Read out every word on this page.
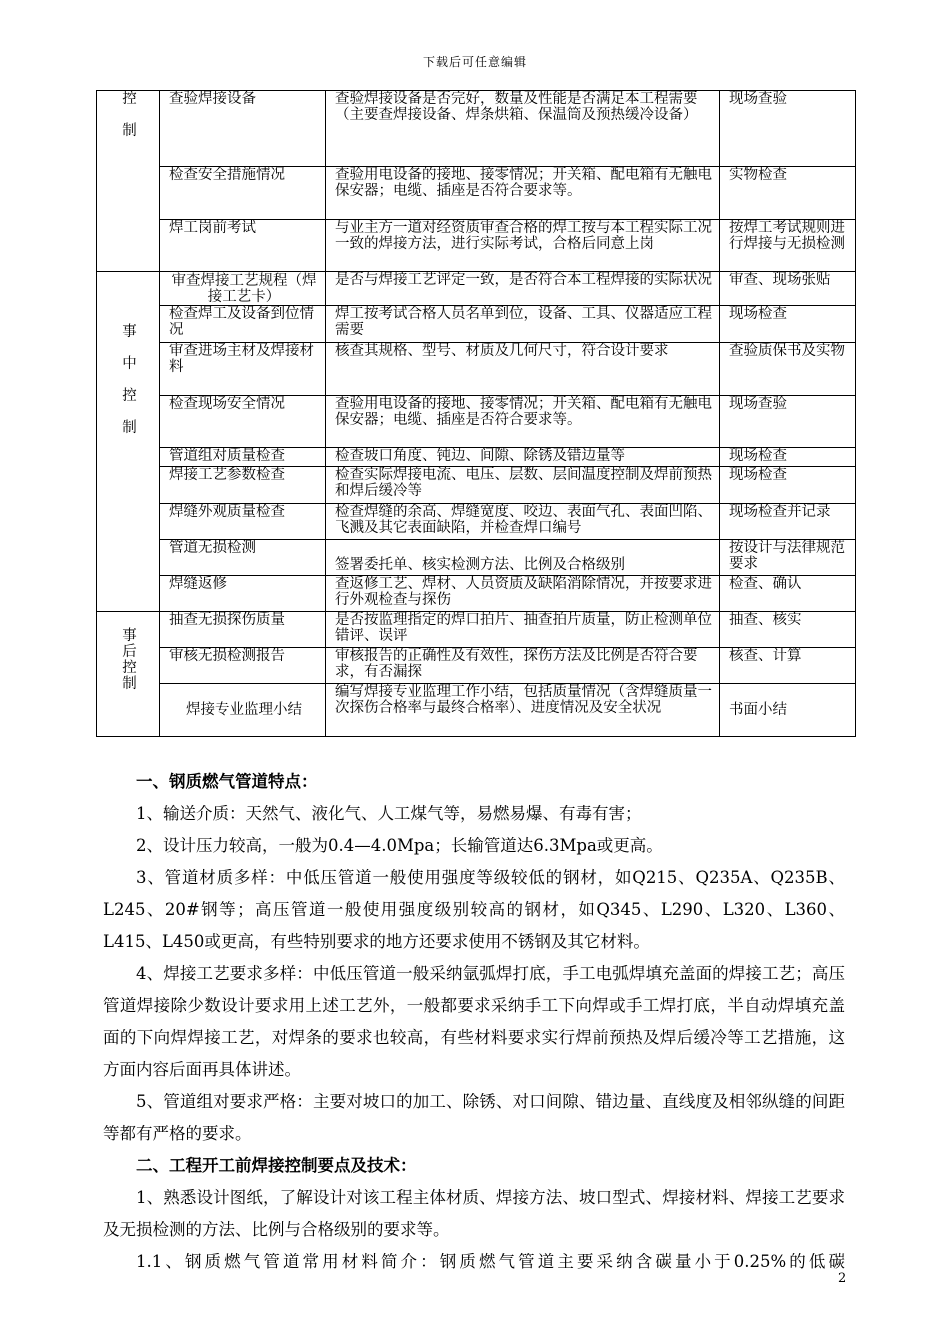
下载后可任意编辑
控

制	查验焊接设备	查验焊接设备是否完好，数量及性能是否满足本工程需要（主要查焊接设备、焊条烘箱、保温筒及预热缓冷设备）	现场查验
	检查安全措施情况	查验用电设备的接地、接零情况；开关箱、配电箱有无触电保安器；电缆、插座是否符合要求等。	实物检查
	焊工岗前考试	与业主方一道对经资质审查合格的焊工按与本工程实际工况一致的焊接方法，进行实际考试，合格后同意上岗	按焊工考试规则进行焊接与无损检测

事

中

控

制	审查焊接工艺规程（焊接工艺卡）	是否与焊接工艺评定一致，是否符合本工程焊接的实际状况	审查、现场张贴
	检查焊工及设备到位情况	焊工按考试合格人员名单到位，设备、工具、仪器适应工程需要	现场检查
	审查进场主材及焊接材料	核查其规格、型号、材质及几何尺寸，符合设计要求	查验质保书及实物
	检查现场安全情况	查验用电设备的接地、接零情况；开关箱、配电箱有无触电保安器；电缆、插座是否符合要求等。	现场查验
	管道组对质量检查	检查坡口角度、钝边、间隙、除锈及错边量等	现场检查
	焊接工艺参数检查	检查实际焊接电流、电压、层数、层间温度控制及焊前预热和焊后缓冷等	现场检查
	焊缝外观质量检查	检查焊缝的余高、焊缝宽度、咬边、表面气孔、表面凹陷、飞溅及其它表面缺陷，并检查焊口编号	现场检查并记录
	管道无损检测	签署委托单、核实检测方法、比例及合格级别	按设计与法律规范要求
	焊缝返修	查返修工艺、焊材、人员资质及缺陷消除情况，并按要求进行外观检查与探伤	检查、确认

事
后
控
制	抽查无损探伤质量	是否按监理指定的焊口拍片、抽查拍片质量，防止检测单位错评、误评	抽查、核实
	审核无损检测报告	审核报告的正确性及有效性，探伤方法及比例是否符合要求，有否漏探	核查、计算
	焊接专业监理小结	编写焊接专业监理工作小结，包括质量情况（含焊缝质量一次探伤合格率与最终合格率）、进度情况及安全状况	书面小结

一、钢质燃气管道特点：

1、输送介质：天然气、液化气、人工煤气等，易燃易爆、有毒有害；

2、设计压力较高，一般为0.4—4.0Mpa；长输管道达6.3Mpa或更高。

3、管道材质多样：中低压管道一般使用强度等级较低的钢材，如Q215、Q235A、Q235B、L245、20#钢等；高压管道一般使用强度级别较高的钢材，如Q345、L290、L320、L360、L415、L450或更高，有些特别要求的地方还要求使用不锈钢及其它材料。

4、焊接工艺要求多样：中低压管道一般采纳氩弧焊打底，手工电弧焊填充盖面的焊接工艺；高压管道焊接除少数设计要求用上述工艺外，一般都要求采纳手工下向焊或手工焊打底，半自动焊填充盖面的下向焊焊接工艺，对焊条的要求也较高，有些材料要求实行焊前预热及焊后缓冷等工艺措施，这方面内容后面再具体讲述。

5、管道组对要求严格：主要对坡口的加工、除锈、对口间隙、错边量、直线度及相邻纵缝的间距等都有严格的要求。

二、工程开工前焊接控制要点及技术：

1、熟悉设计图纸，了解设计对该工程主体材质、焊接方法、坡口型式、焊接材料、焊接工艺要求及无损检测的方法、比例与合格级别的要求等。

1.1、钢质燃气管道常用材料简介：钢质燃气管道主要采纳含碳量小于0.25%的低碳

2
